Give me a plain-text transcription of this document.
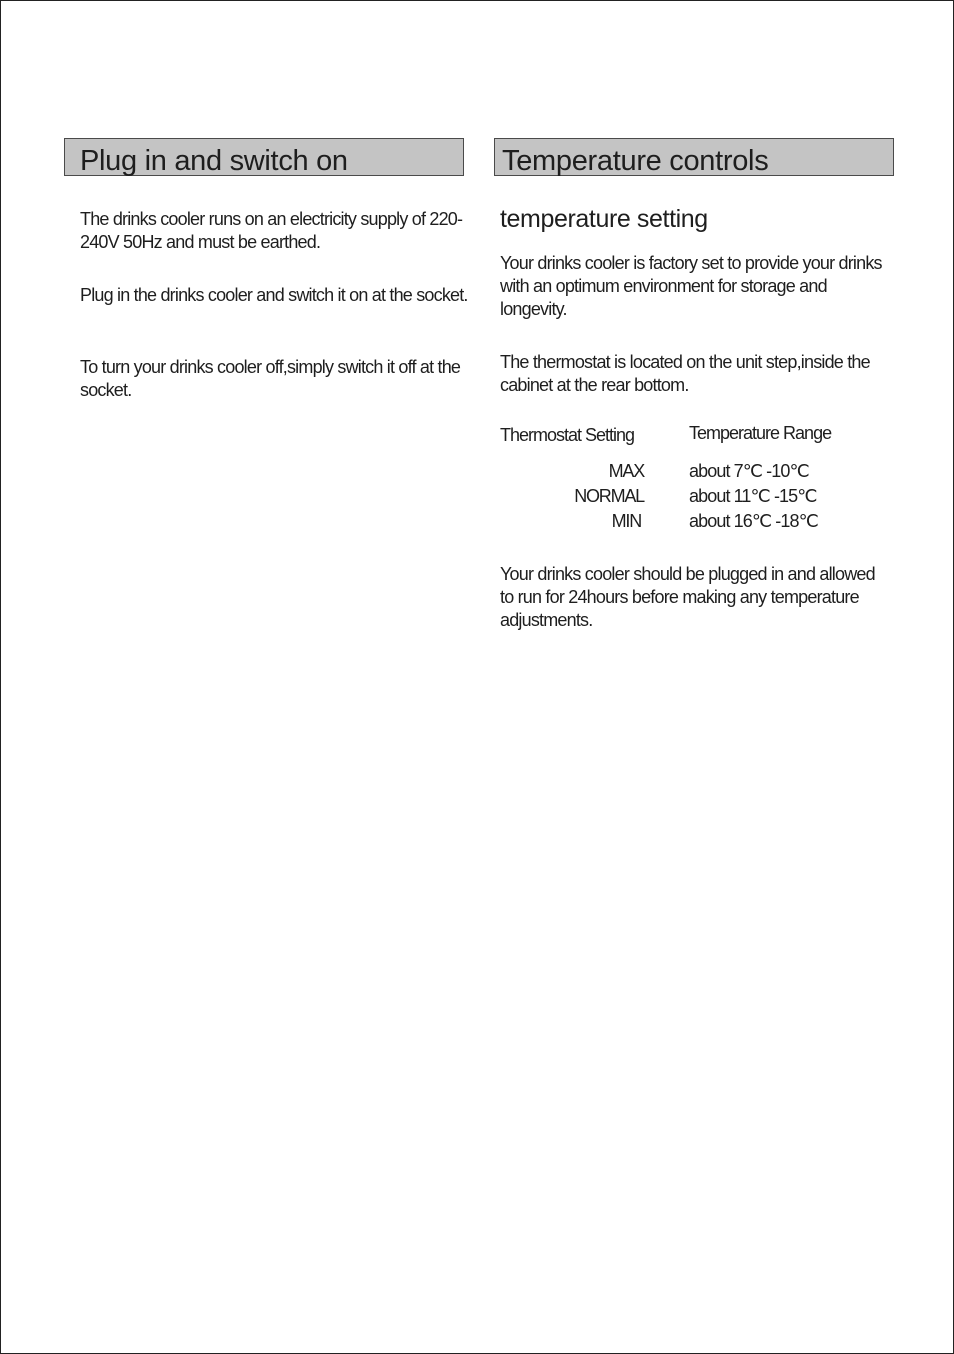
Plug in and switch on

The drinks cooler runs on an electricity supply of 220-240V 50Hz and must be earthed.

Plug in the drinks cooler and switch it on at the socket.

To turn your drinks cooler off,simply switch it off at the socket.

Temperature controls
temperature setting

Your drinks cooler is factory set to provide your drinks with an optimum environment for storage and longevity.

The thermostat is located on the unit step,inside the cabinet at the rear bottom.

Thermostat Setting	Temperature Range
MAX	about 7℃ -10℃
NORMAL	about 11℃ -15℃
MIN	about 16℃ -18℃

Your drinks cooler should be plugged in and allowed to run for 24hours before making any temperature adjustments.
